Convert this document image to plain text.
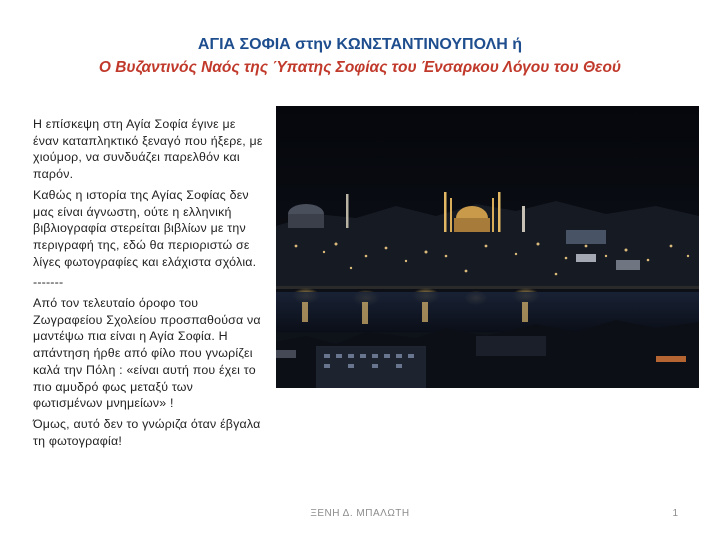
ΑΓΙΑ ΣΟΦΙΑ στην ΚΩΝΣΤΑΝΤΙΝΟΥΠΟΛΗ ή
Ο Βυζαντινός Ναός της Ύπατης Σοφίας του Ένσαρκου Λόγου του Θεού

Η επίσκεψη στη Αγία Σοφία έγινε με έναν καταπληκτικό ξεναγό που ήξερε, με χιούμορ, να συνδυάζει παρελθόν και παρόν.

Καθώς η ιστορία της Αγίας Σοφίας δεν μας είναι άγνωστη, ούτε η ελληνική βιβλιογραφία στερείται βιβλίων με την περιγραφή της, εδώ θα περιοριστώ σε λίγες φωτογραφίες και ελάχιστα σχόλια.

-------

Από τον τελευταίο όροφο του Ζωγραφείου Σχολείου προσπαθούσα να μαντέψω πια είναι η Αγία Σοφία. Η απάντηση ήρθε από φίλο που γνωρίζει καλά την Πόλη : «είναι αυτή που έχει το πιο αμυδρό φως μεταξύ των φωτισμένων μνημείων» !

Όμως, αυτό δεν το γνώριζα όταν έβγαλα τη φωτογραφία!

ΞΕΝΗ Δ. ΜΠΑΛΩΤΗ	1
